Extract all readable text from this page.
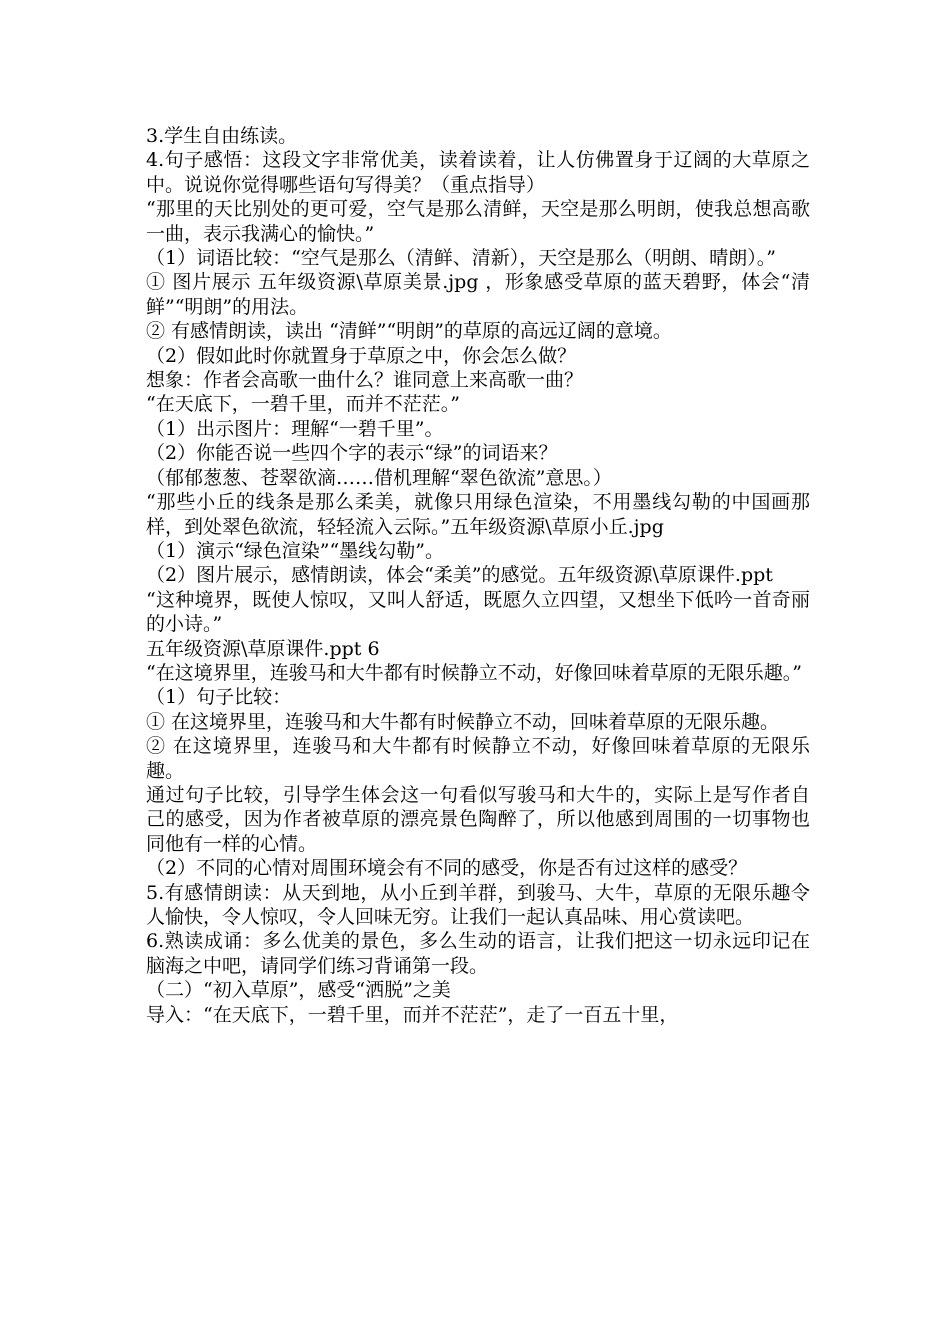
3.学生自由练读。

4.句子感悟：这段文字非常优美，读着读着，让人仿佛置身于辽阔的大草原之中。说说你觉得哪些语句写得美？（重点指导）

“那里的天比别处的更可爱，空气是那么清鲜，天空是那么明朗，使我总想高歌一曲，表示我满心的愉快。”

（1）词语比较：“空气是那么（清鲜、清新），天空是那么（明朗、晴朗）。”

① 图片展示 五年级资源\草原美景.jpg ，形象感受草原的蓝天碧野，体会“清鲜”“明朗”的用法。

② 有感情朗读，读出 “清鲜”“明朗”的草原的高远辽阔的意境。

（2）假如此时你就置身于草原之中，你会怎么做？

想象：作者会高歌一曲什么？谁同意上来高歌一曲？

“在天底下，一碧千里，而并不茫茫。”

（1）出示图片：理解“一碧千里”。

（2）你能否说一些四个字的表示“绿”的词语来？

（郁郁葱葱、苍翠欲滴……借机理解“翠色欲流”意思。）

“那些小丘的线条是那么柔美，就像只用绿色渲染，不用墨线勾勒的中国画那样，到处翠色欲流，轻轻流入云际。”五年级资源\草原小丘.jpg

（1）演示“绿色渲染”“墨线勾勒”。

（2）图片展示，感情朗读，体会“柔美”的感觉。五年级资源\草原课件.ppt

“这种境界，既使人惊叹，又叫人舒适，既愿久立四望，又想坐下低吟一首奇丽的小诗。”

五年级资源\草原课件.ppt 6

“在这境界里，连骏马和大牛都有时候静立不动，好像回味着草原的无限乐趣。”

（1）句子比较：

① 在这境界里，连骏马和大牛都有时候静立不动，回味着草原的无限乐趣。

② 在这境界里，连骏马和大牛都有时候静立不动，好像回味着草原的无限乐趣。

通过句子比较，引导学生体会这一句看似写骏马和大牛的，实际上是写作者自己的感受，因为作者被草原的漂亮景色陶醉了，所以他感到周围的一切事物也同他有一样的心情。

（2）不同的心情对周围环境会有不同的感受，你是否有过这样的感受？

5.有感情朗读：从天到地，从小丘到羊群，到骏马、大牛，草原的无限乐趣令人愉快，令人惊叹，令人回味无穷。让我们一起认真品味、用心赏读吧。

6.熟读成诵：多么优美的景色，多么生动的语言，让我们把这一切永远印记在脑海之中吧，请同学们练习背诵第一段。

（二）“初入草原”，感受“洒脱”之美

导入：“在天底下，一碧千里，而并不茫茫”，走了一百五十里，
